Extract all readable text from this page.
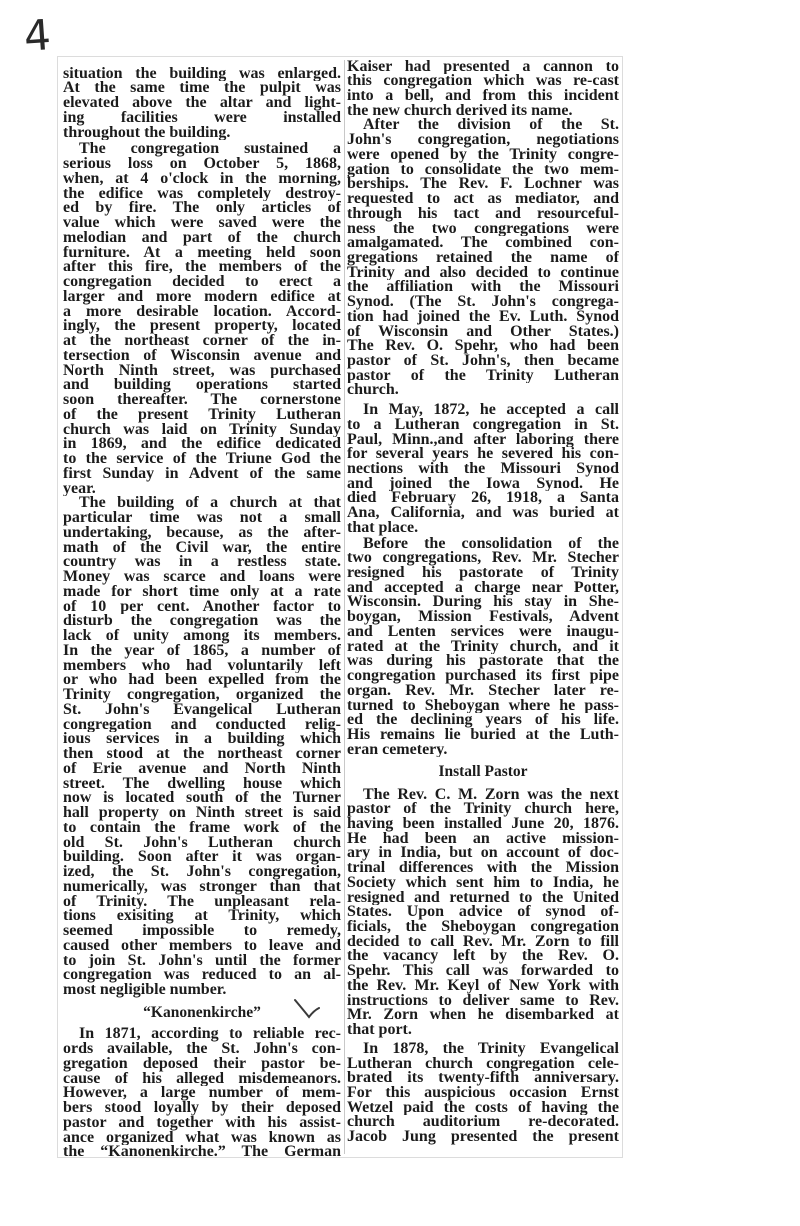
4
situation the building was enlarged.
At the same time the pulpit was
elevated above the altar and light-
ing facilities were installed
throughout the building.
The congregation sustained a
serious loss on October 5, 1868,
when, at 4 o'clock in the morning,
the edifice was completely destroy-
ed by fire. The only articles of
value which were saved were the
melodian and part of the church
furniture. At a meeting held soon
after this fire, the members of the
congregation decided to erect a
larger and more modern edifice at
a more desirable location. Accord-
ingly, the present property, located
at the northeast corner of the in-
tersection of Wisconsin avenue and
North Ninth street, was purchased
and building operations started
soon thereafter. The cornerstone
of the present Trinity Lutheran
church was laid on Trinity Sunday
in 1869, and the edifice dedicated
to the service of the Triune God the
first Sunday in Advent of the same
year.
The building of a church at that
particular time was not a small
undertaking, because, as the after-
math of the Civil war, the entire
country was in a restless state.
Money was scarce and loans were
made for short time only at a rate
of 10 per cent. Another factor to
disturb the congregation was the
lack of unity among its members.
In the year of 1865, a number of
members who had voluntarily left
or who had been expelled from the
Trinity congregation, organized the
St. John's Evangelical Lutheran
congregation and conducted relig-
ious services in a building which
then stood at the northeast corner
of Erie avenue and North Ninth
street. The dwelling house which
now is located south of the Turner
hall property on Ninth street is said
to contain the frame work of the
old St. John's Lutheran church
building. Soon after it was organ-
ized, the St. John's congregation,
numerically, was stronger than that
of Trinity. The unpleasant rela-
tions exisiting at Trinity, which
seemed impossible to remedy,
caused other members to leave and
to join St. John's until the former
congregation was reduced to an al-
most negligible number.
“Kanonenkirche”
In 1871, according to reliable rec-
ords available, the St. John's con-
gregation deposed their pastor be-
cause of his alleged misdemeanors.
However, a large number of mem-
bers stood loyally by their deposed
pastor and together with his assist-
ance organized what was known as
the “Kanonenkirche.” The German
Kaiser had presented a cannon to
this congregation which was re-cast
into a bell, and from this incident
the new church derived its name.
After the division of the St.
John's congregation, negotiations
were opened by the Trinity congre-
gation to consolidate the two mem-
berships. The Rev. F. Lochner was
requested to act as mediator, and
through his tact and resourceful-
ness the two congregations were
amalgamated. The combined con-
gregations retained the name of
Trinity and also decided to continue
the affiliation with the Missouri
Synod. (The St. John's congrega-
tion had joined the Ev. Luth. Synod
of Wisconsin and Other States.)
The Rev. O. Spehr, who had been
pastor of St. John's, then became
pastor of the Trinity Lutheran
church.
In May, 1872, he accepted a call
to a Lutheran congregation in St.
Paul, Minn.,and after laboring there
for several years he severed his con-
nections with the Missouri Synod
and joined the Iowa Synod. He
died February 26, 1918, a Santa
Ana, California, and was buried at
that place.
Before the consolidation of the
two congregations, Rev. Mr. Stecher
resigned his pastorate of Trinity
and accepted a charge near Potter,
Wisconsin. During his stay in She-
boygan, Mission Festivals, Advent
and Lenten services were inaugu-
rated at the Trinity church, and it
was during his pastorate that the
congregation purchased its first pipe
organ. Rev. Mr. Stecher later re-
turned to Sheboygan where he pass-
ed the declining years of his life.
His remains lie buried at the Luth-
eran cemetery.
Install Pastor
The Rev. C. M. Zorn was the next
pastor of the Trinity church here,
having been installed June 20, 1876.
He had been an active mission-
ary in India, but on account of doc-
trinal differences with the Mission
Society which sent him to India, he
resigned and returned to the United
States. Upon advice of synod of-
ficials, the Sheboygan congregation
decided to call Rev. Mr. Zorn to fill
the vacancy left by the Rev. O.
Spehr. This call was forwarded to
the Rev. Mr. Keyl of New York with
instructions to deliver same to Rev.
Mr. Zorn when he disembarked at
that port.
In 1878, the Trinity Evangelical
Lutheran church congregation cele-
brated its twenty-fifth anniversary.
For this auspicious occasion Ernst
Wetzel paid the costs of having the
church auditorium re-decorated.
Jacob Jung presented the present
